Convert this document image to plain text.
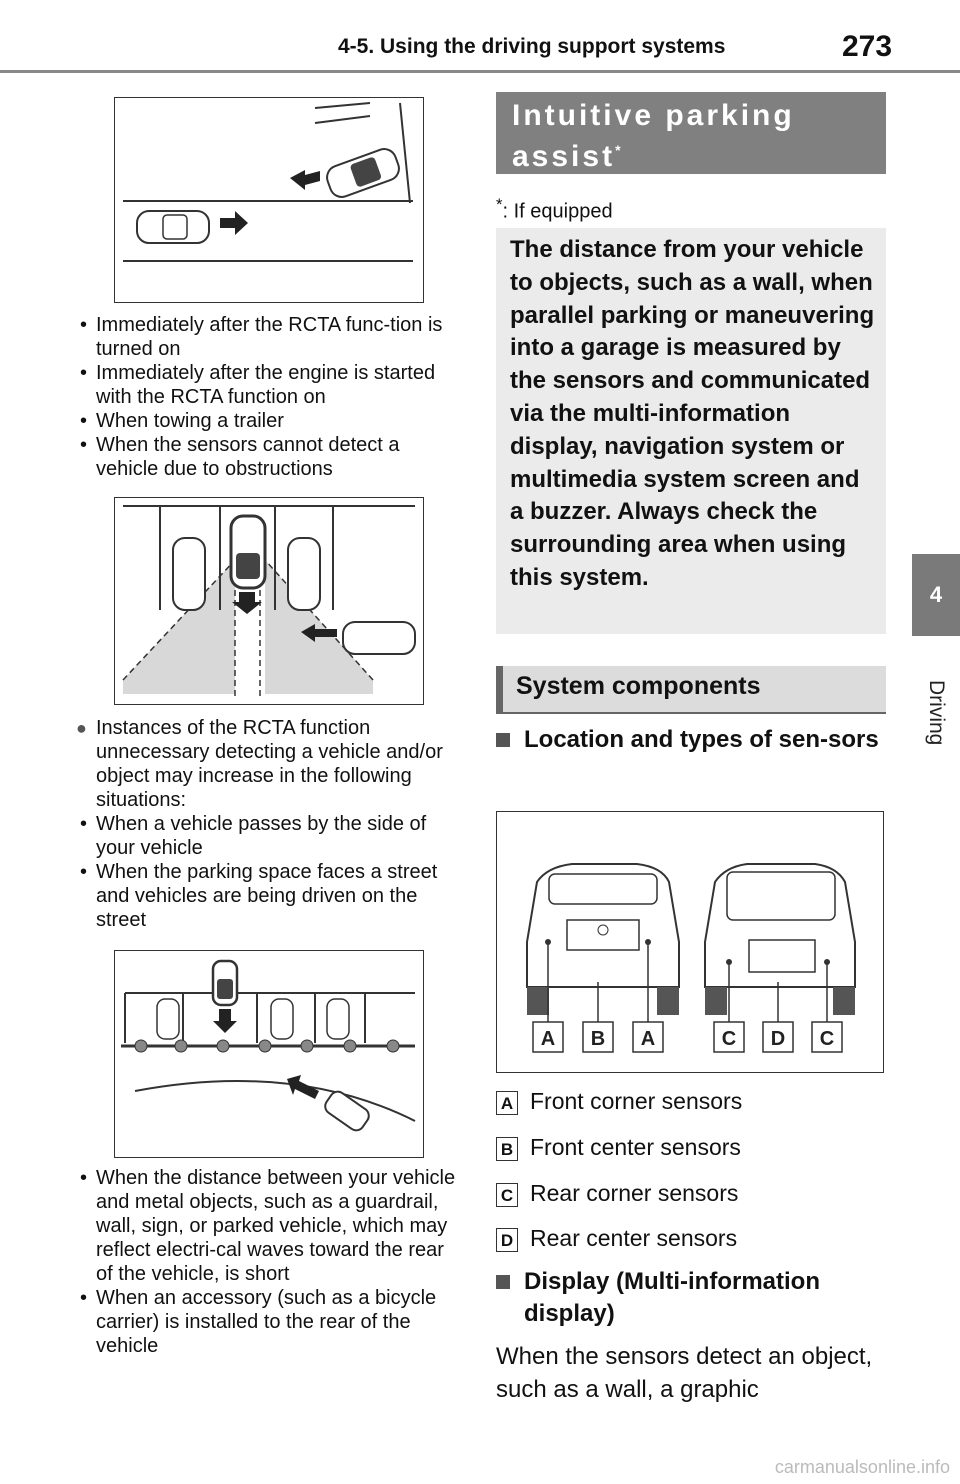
4-5. Using the driving support systems	273
4
Driving
• Immediately after the RCTA func-tion is turned on
• Immediately after the engine is started with the RCTA function on
• When towing a trailer
• When the sensors cannot detect a vehicle due to obstructions
● Instances of the RCTA function unnecessary detecting a vehicle and/or object may increase in the following situations:
• When a vehicle passes by the side of your vehicle
• When the parking space faces a street and vehicles are being driven on the street
• When the distance between your vehicle and metal objects, such as a guardrail, wall, sign, or parked vehicle, which may reflect electri-cal waves toward the rear of the vehicle, is short
• When an accessory (such as a bicycle carrier) is installed to the rear of the vehicle
Intuitive parking
assist*
*: If equipped
The distance from your vehicle to objects, such as a wall, when parallel parking or maneuvering into a garage is measured by the sensors and communicated via the multi-information display, navigation system or multimedia system screen and a buzzer. Always check the surrounding area when using this system.
System components
Location and types of sen-sors
A B A	C D C
A Front corner sensors
B Front center sensors
C Rear corner sensors
D Rear center sensors
Display (Multi-information display)
When the sensors detect an object, such as a wall, a graphic
carmanualsonline.info
